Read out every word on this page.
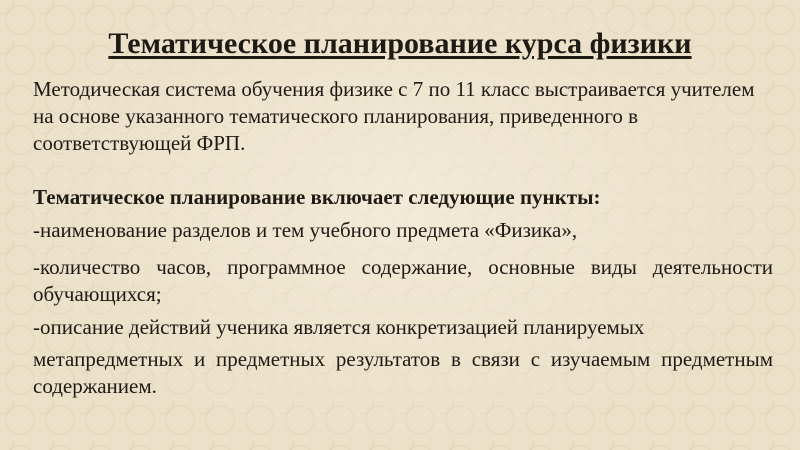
Тематическое планирование курса физики

Методическая система обучения физике с 7 по 11 класс выстраивается учителем на основе указанного тематического планирования, приведенного в соответствующей ФРП.

Тематическое планирование включает следующие пункты:

-наименование разделов и тем учебного предмета «Физика»,

-количество часов, программное содержание, основные виды деятельности обучающихся;

-описание действий ученика является конкретизацией планируемых

метапредметных и предметных результатов в связи с изучаемым предметным содержанием.
